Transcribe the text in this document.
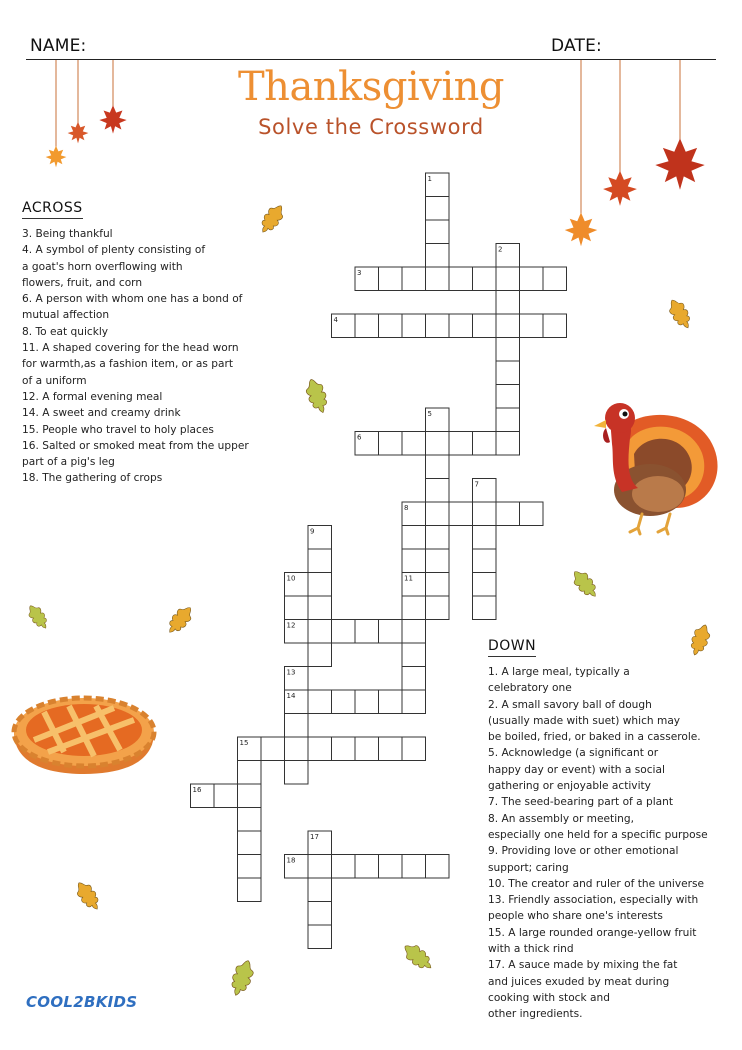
NAME:	DATE:
Thanksgiving
Solve the Crossword
ACROSS
3. Being thankful
4. A symbol of plenty consisting of
a goat's horn overflowing with
flowers, fruit, and corn
6. A person with whom one has a bond of
mutual affection
8. To eat quickly
11. A shaped covering for the head worn
for warmth,as a fashion item, or as part
of a uniform
12. A formal evening meal
14. A sweet and creamy drink
15. People who travel to holy places
16. Salted or smoked meat from the upper
part of a pig's leg
18. The gathering of crops
DOWN
1. A large meal, typically a
celebratory one
2. A small savory ball of dough
(usually made with suet) which may
be boiled, fried, or baked in a casserole.
5. Acknowledge (a significant or
happy day or event) with a social
gathering or enjoyable activity
7. The seed-bearing part of a plant
8. An assembly or meeting,
especially one held for a specific purpose
9. Providing love or other emotional
support; caring
10. The creator and ruler of the universe
13. Friendly association, especially with
people who share one's interests
15. A large rounded orange-yellow fruit
with a thick rind
17. A sauce made by mixing the fat
and juices exuded by meat during
cooking with stock and
other ingredients.
1
2
3
4
5
6
7
8
9
10	11
12
13
14
15
16
17
18
COOL2BKIDS
